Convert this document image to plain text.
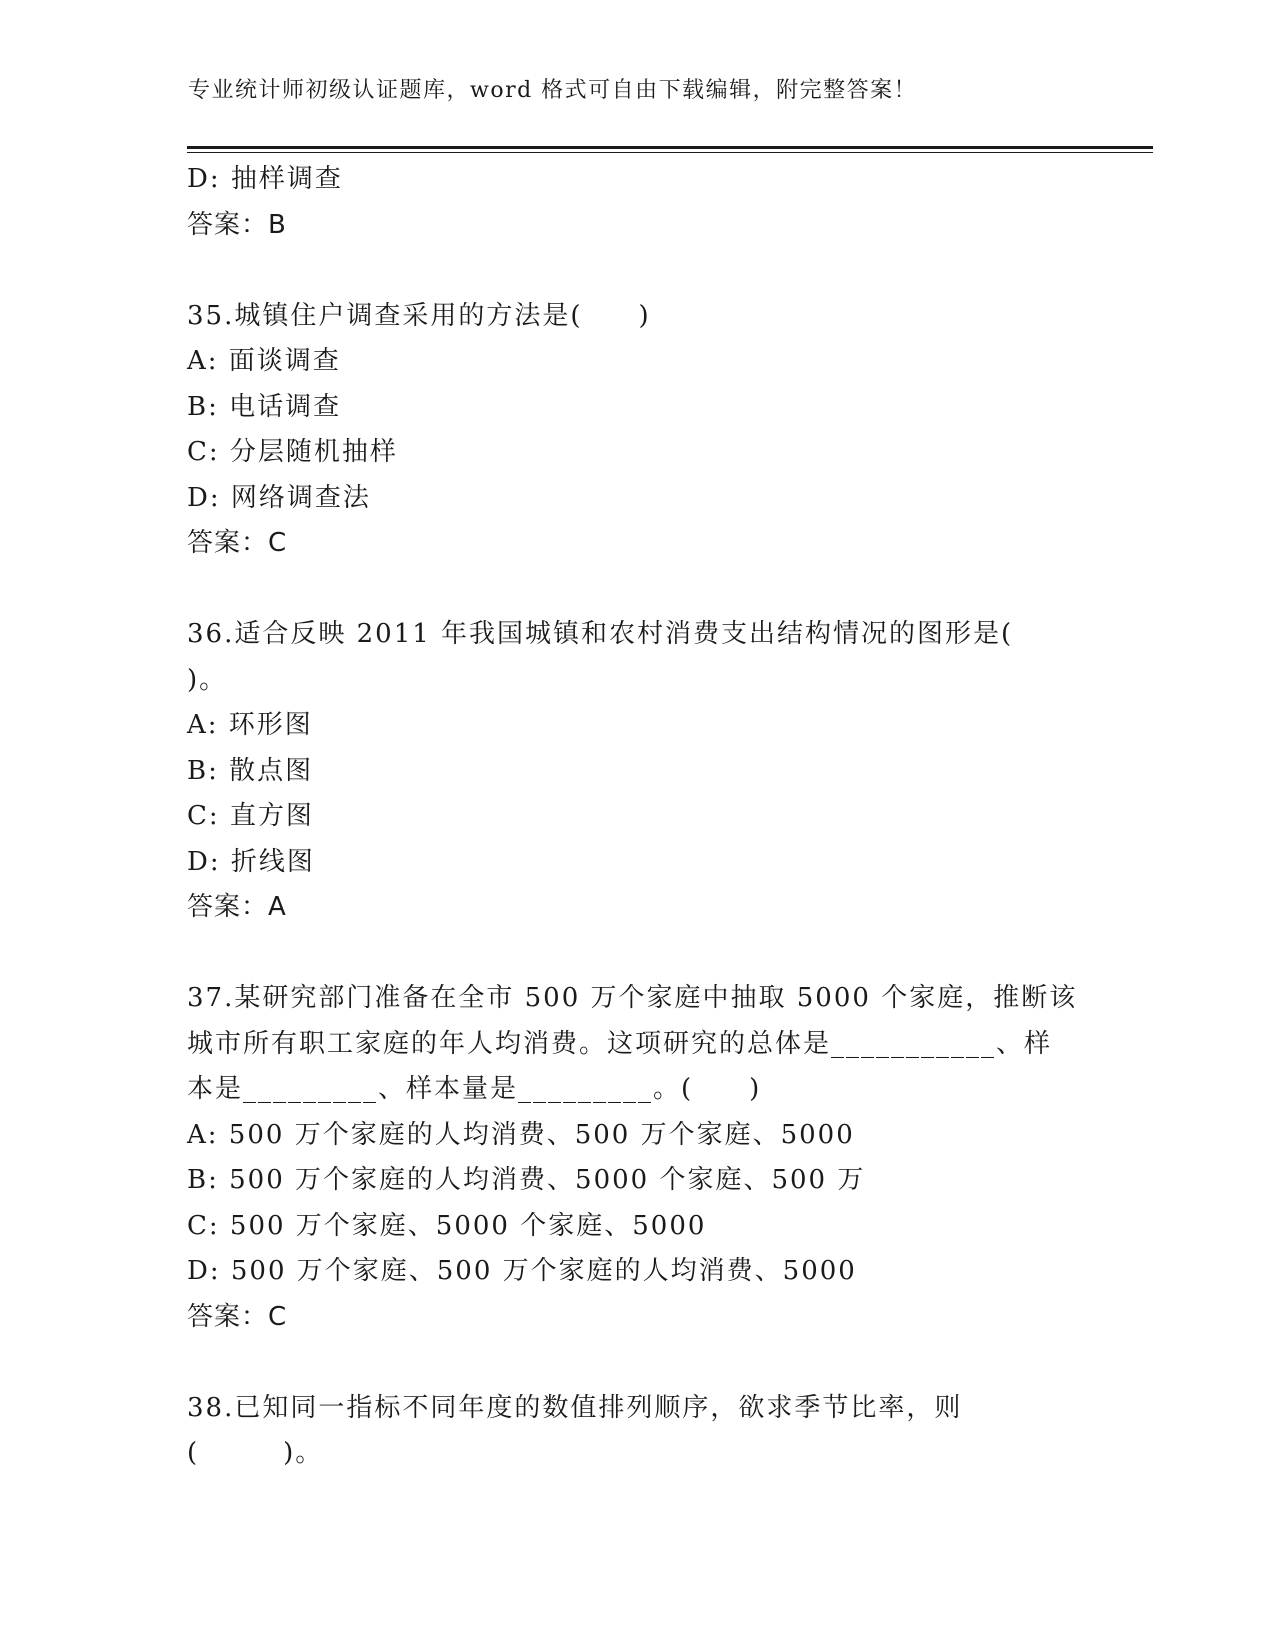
专业统计师初级认证题库，word 格式可自由下载编辑，附完整答案！
D: 抽样调查
答案：B
35.城镇住户调查采用的方法是(　　)
A: 面谈调查
B: 电话调查
C: 分层随机抽样
D: 网络调查法
答案：C
36.适合反映 2011 年我国城镇和农村消费支出结构情况的图形是(
)。
A: 环形图
B: 散点图
C: 直方图
D: 折线图
答案：A
37.某研究部门准备在全市 500 万个家庭中抽取 5000 个家庭，推断该
城市所有职工家庭的年人均消费。这项研究的总体是___________、样
本是_________、样本量是_________。(　　)
A: 500 万个家庭的人均消费、500 万个家庭、5000
B: 500 万个家庭的人均消费、5000 个家庭、500 万
C: 500 万个家庭、5000 个家庭、5000
D: 500 万个家庭、500 万个家庭的人均消费、5000
答案：C
38.已知同一指标不同年度的数值排列顺序，欲求季节比率，则
(　　　)。
